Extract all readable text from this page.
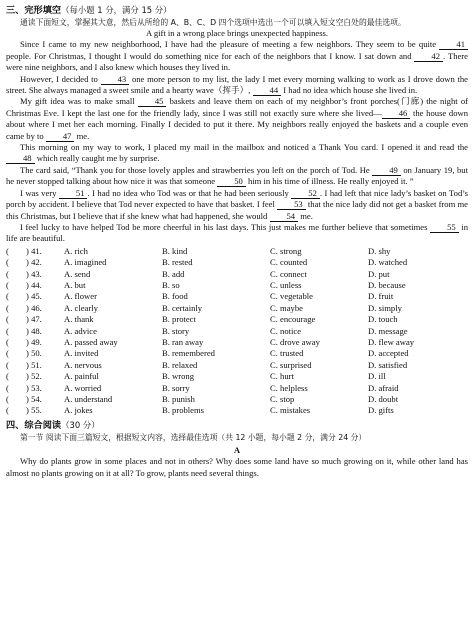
三、完形填空（每小题 1 分，满分 15 分）

通读下面短文，掌握其大意，然后从所给的 A、B、C、D 四个选项中选出一个可以填入短文空白处的最佳选项。

A gift in a wrong place brings unexpected happiness.

Since I came to my new neighborhood, I have had the pleasure of meeting a few neighbors. They seem to be quite 41 people. For Christmas, I thought I would do something nice for each of the neighbors that I know. I sat down and 42 . There were nine neighbors, and I also knew which houses they lived in.

However, I decided to 43 one more person to my list, the lady I met every morning walking to work as I drove down the street. She always managed a sweet smile and a hearty wave（挥手）, 44 I had no idea which house she lived in.

My gift idea was to make small 45 baskets and leave them on each of my neighbor’s front porches(门廊) the night of Christmas Eve. I kept the last one for the friendly lady, since I was still not exactly sure where she lived— 46 the house down about where I met her each morning. Finally I decided to put it there. My neighbors really enjoyed the baskets and a couple even came by to 47 me.

This morning on my way to work, I placed my mail in the mailbox and noticed a Thank You card. I opened it and read the 48 which really caught me by surprise.

The card said, “Thank you for those lovely apples and strawberries you left on the porch of Tod. He 49 on January 19, but he never stopped talking about how nice it was that someone 50 him in his time of illness. He really enjoyed it. ”

I was very 51 . I had no idea who Tod was or that he had been seriously 52 . I had left that nice lady’s basket on Tod’s porch by accident. I believe that Tod never expected to have that basket. I feel 53 that the nice lady did not get a basket from me this Christmas, but I believe that if she knew what had happened, she would 54 me.

I feel lucky to have helped Tod be more cheerful in his last days. This just makes me further believe that sometimes 55 in life are beautiful.

(　　) 41.	A. rich	B. kind	C. strong	D. shy
(　　) 42.	A. imagined	B. rested	C. counted	D. watched
(　　) 43.	A. send	B. add	C. connect	D. put
(　　) 44.	A. but	B. so	C. unless	D. because
(　　) 45.	A. flower	B. food	C. vegetable	D. fruit
(　　) 46.	A. clearly	B. certainly	C. maybe	D. simply
(　　) 47.	A. thank	B. protect	C. encourage	D. touch
(　　) 48.	A. advice	B. story	C. notice	D. message
(　　) 49.	A. passed away	B. ran away	C. drove away	D. flew away
(　　) 50.	A. invited	B. remembered	C. trusted	D. accepted
(　　) 51.	A. nervous	B. relaxed	C. surprised	D. satisfied
(　　) 52.	A. painful	B. wrong	C. hurt	D. ill
(　　) 53.	A. worried	B. sorry	C. helpless	D. afraid
(　　) 54.	A. understand	B. punish	C. stop	D. doubt
(　　) 55.	A. jokes	B. problems	C. mistakes	D. gifts
四、综合阅读（30 分）

第一节 阅读下面三篇短文，根据短文内容，选择最佳选项（共 12 小题，每小题 2 分，满分 24 分）

A

Why do plants grow in some places and not in others? Why does some land have so much growing on it, while other land has almost no plants growing on it at all? To grow, plants need several things.
